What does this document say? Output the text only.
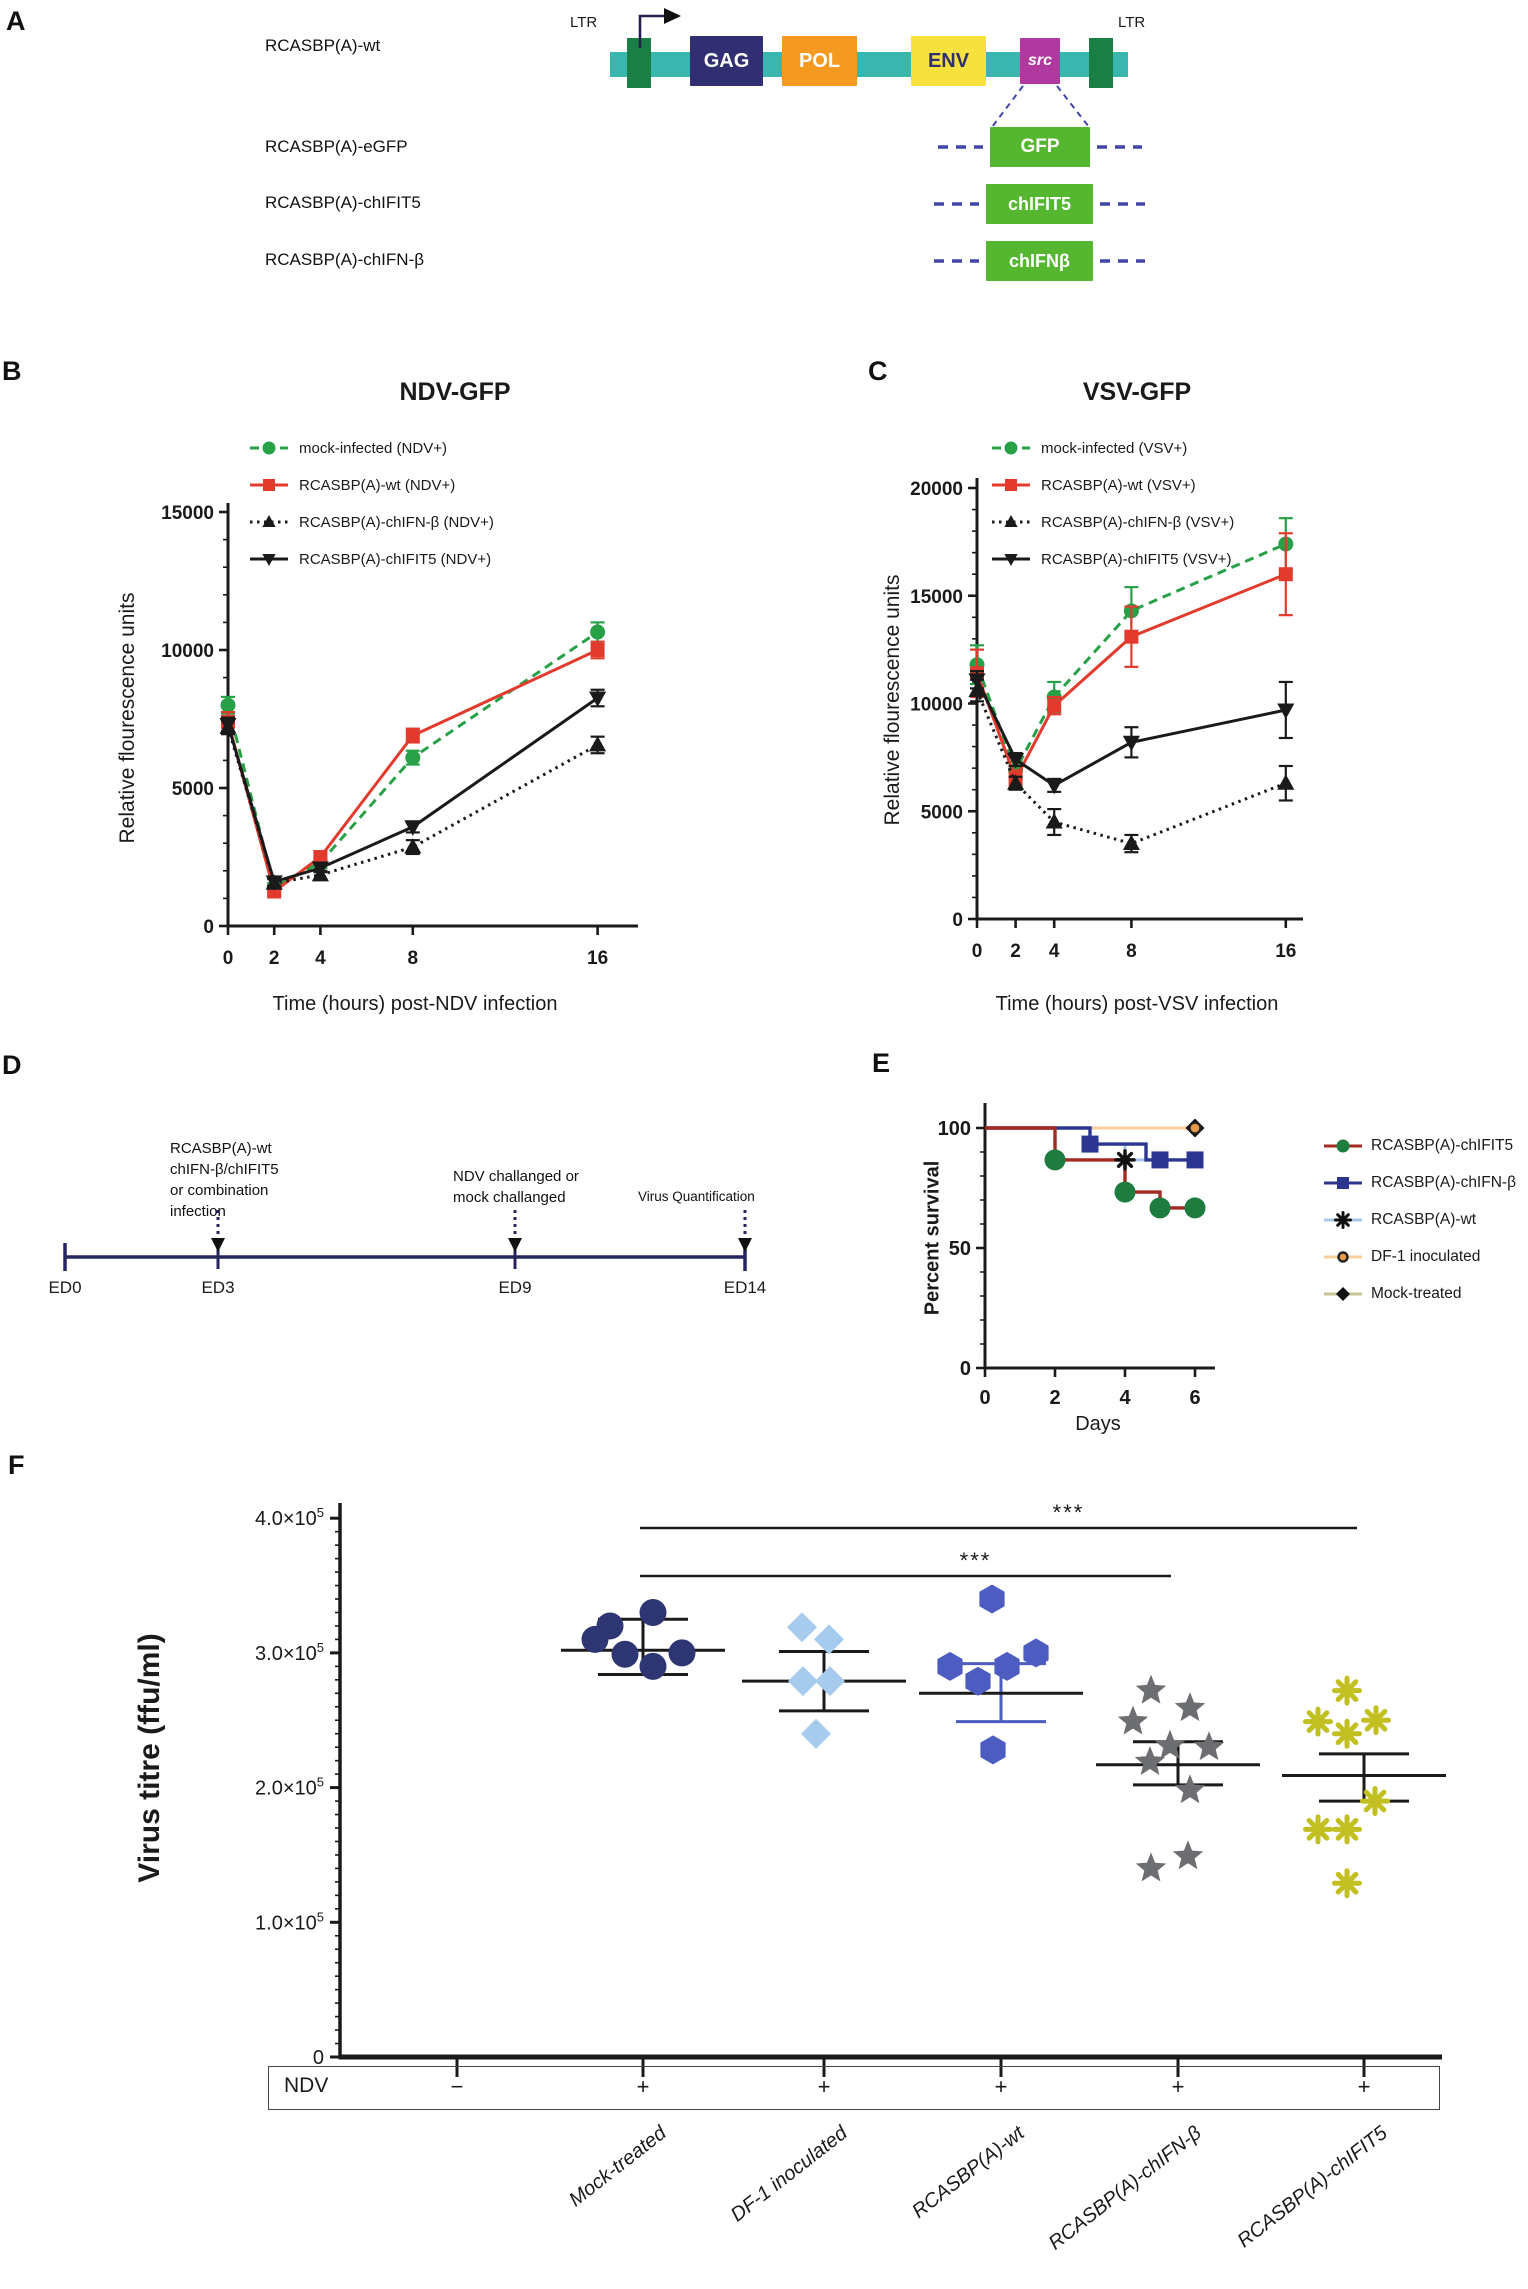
A
B	C
D	E
F
RCASBP(A)-wt
RCASBP(A)-eGFP
RCASBP(A)-chIFIT5
RCASBP(A)-chIFN-β
LTR	LTR
GAG	POL	ENV	src
GFP
chIFIT5
chIFNβ
NDV-GFP
mock-infected (NDV+)
RCASBP(A)-wt (NDV+)
RCASBP(A)-chIFN-β (NDV+)
RCASBP(A)-chIFIT5 (NDV+)
Relative flourescence units
Time (hours) post-NDV infection
0
5000
10000
15000
0 2 4	8	16
VSV-GFP
mock-infected (VSV+)
RCASBP(A)-wt (VSV+)
RCASBP(A)-chIFN-β (VSV+)
RCASBP(A)-chIFIT5 (VSV+)
Relative flourescence units
Time (hours) post-VSV infection
0
5000
10000
15000
20000
0 2 4	8	16
RCASBP(A)-wt
chIFN-β/chIFIT5
or combination
infection
NDV challanged or
mock challanged	Virus Quantification
ED0	ED3	ED9	ED14	Percent survival
Days
RCASBP(A)-chIFIT5
RCASBP(A)-chIFN-β
RCASBP(A)-wt
DF-1 inoculated
Mock-treated
0
50
100
0	2	4	6
Virus titre (ffu/ml)
0
$1.0\times 10^5$
$2.0\times 10^5$
$3.0\times 10^5$
$4.0\times 10^5$	***
***
NDV	−	+	+	+	+	+
Mock-treated	DF-1 inoculated	RCASBP(A)-wt RCASBP(A)-chIFN-β	RCASBP(A)-chIFIT5
